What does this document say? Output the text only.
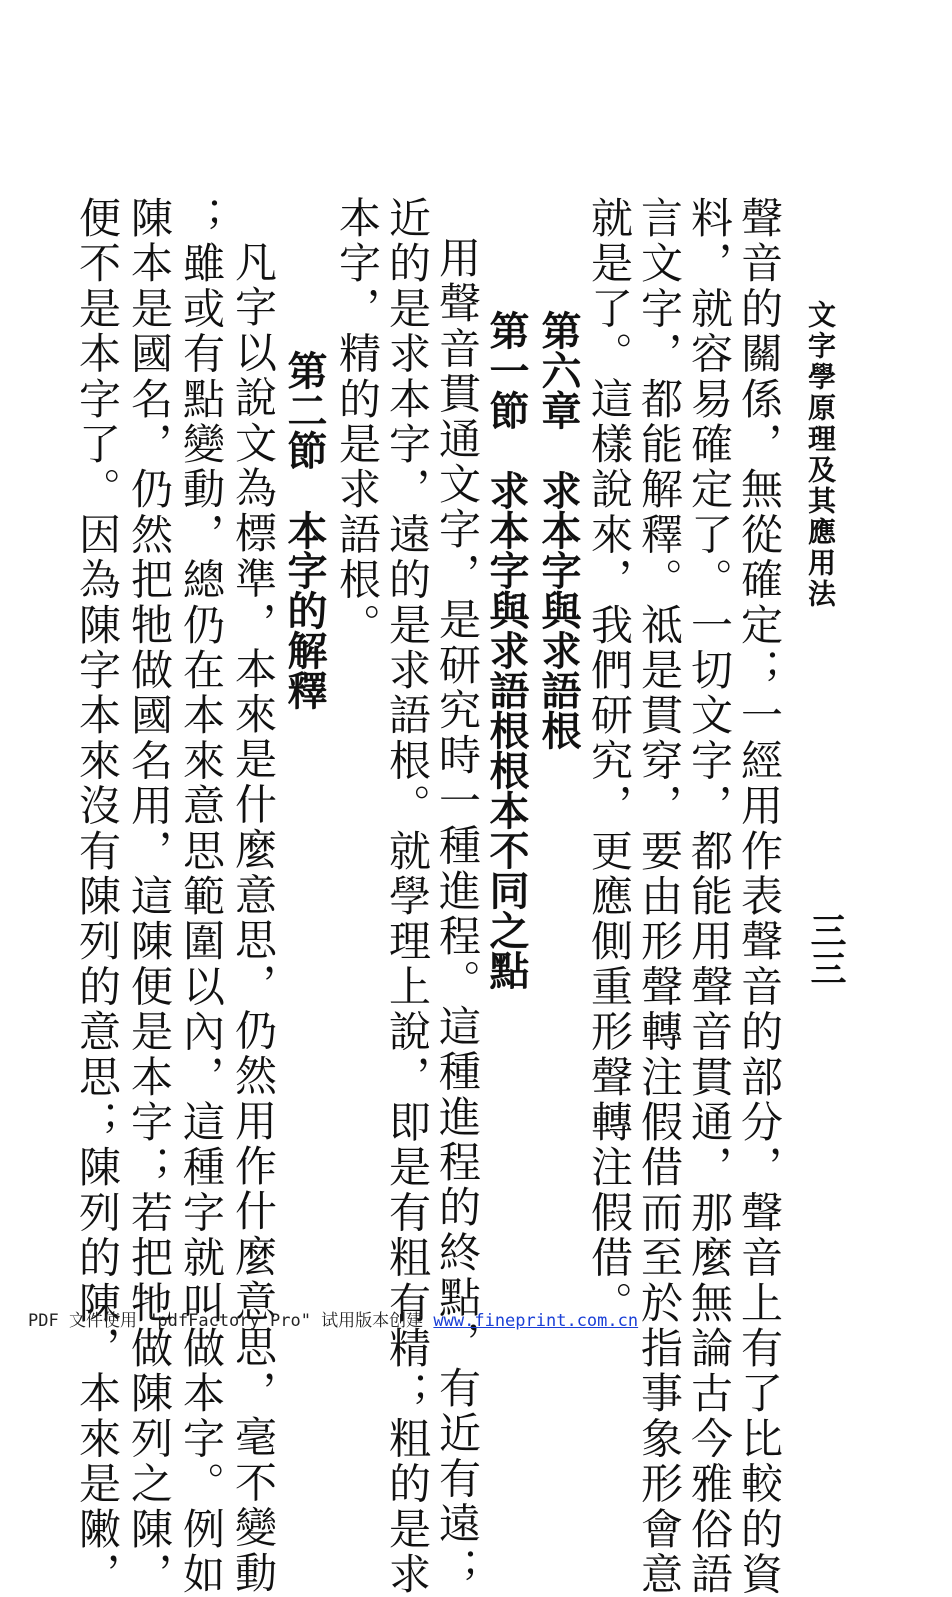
文字學原理及其應用法
三三
聲音的關係，無從確定；一經用作表聲音的部分，聲音上有了比較的資
料，就容易確定了。一切文字，都能用聲音貫通，那麼無論古今雅俗語
言文字，都能解釋。祗是貫穿，要由形聲轉注假借而至於指事象形會意
就是了。這樣說來，我們研究，更應側重形聲轉注假借。
第六章　求本字與求語根
第一節　求本字與求語根根本不同之點
用聲音貫通文字，是研究時一種進程。這種進程的終點，有近有遠；
近的是求本字，遠的是求語根。就學理上說，即是有粗有精；粗的是求
本字，精的是求語根。
第二節　本字的解釋
凡字以說文為標準，本來是什麼意思，仍然用作什麼意思，毫不變動
；雖或有點變動，總仍在本來意思範圍以內，這種字就叫做本字。例如
陳本是國名，仍然把牠做國名用，這陳便是本字；若把牠做陳列之陳，
便不是本字了。因為陳字本來沒有陳列的意思；陳列的陳，本來是敶，
PDF 文件使用 "pdfFactory Pro" 试用版本创建 www.fineprint.com.cn
